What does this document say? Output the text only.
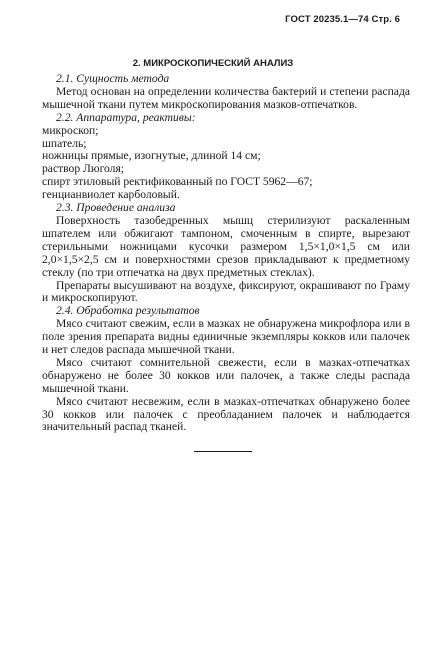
ГОСТ 20235.1—74 Стр. 6
2. МИКРОСКОПИЧЕСКИЙ АНАЛИЗ

2.1. Сущность метода

Метод основан на определении количества бактерий и степени распада мышечной ткани путем микроскопирования мазков-отпечатков.

2.2. Аппаратура, реактивы:

микроскоп;

шпатель;

ножницы прямые, изогнутые, длиной 14 см;

раствор Люголя;

спирт этиловый ректификованный по ГОСТ 5962—67;

генцианвиолет карболовый.

2.3. Проведение анализа

Поверхность тазобедренных мышц стерилизуют раскаленным шпателем или обжигают тампоном, смоченным в спирте, вырезают стерильными ножницами кусочки размером 1,5×1,0×1,5 см или 2,0×1,5×2,5 см и поверхностями срезов прикладывают к предметному стеклу (по три отпечатка на двух предметных стеклах).

Препараты высушивают на воздухе, фиксируют, окрашивают по Граму и микроскопируют.

2.4. Обработка результатов

Мясо считают свежим, если в мазках не обнаружена микрофлора или в поле зрения препарата видны единичные экземпляры кокков или палочек и нет следов распада мышечной ткани.

Мясо считают сомнительной свежести, если в мазках-отпечатках обнаружено не более 30 кокков или палочек, а также следы распада мышечной ткани.

Мясо считают несвежим, если в мазках-отпечатках обнаружено более 30 кокков или палочек с преобладанием палочек и наблюдается значительный распад тканей.
